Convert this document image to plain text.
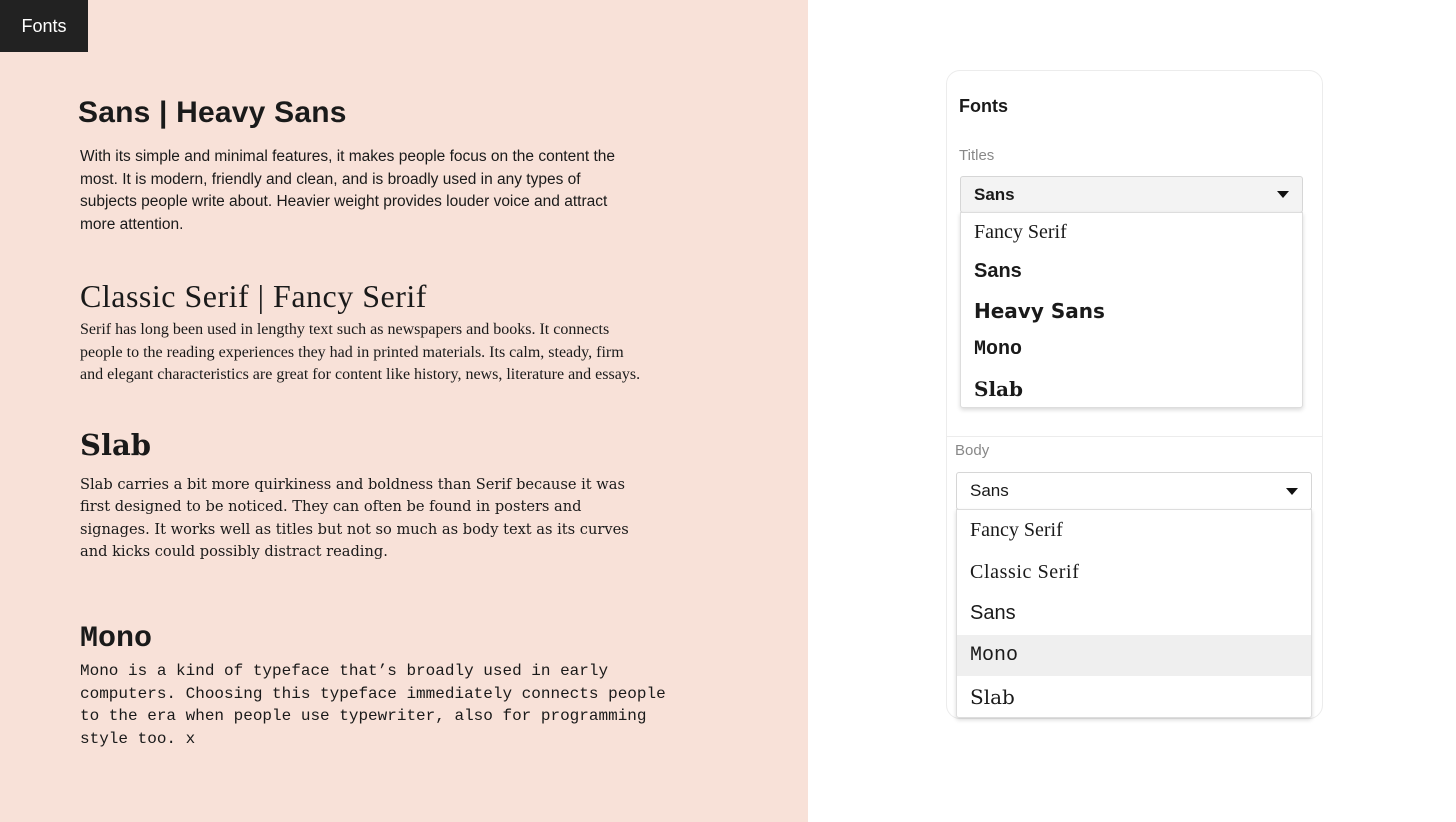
Fonts
Sans | Heavy Sans
With its simple and minimal features, it makes people focus on the content the
most. It is modern, friendly and clean, and is broadly used in any types of
subjects people write about. Heavier weight provides louder voice and attract
more attention.
Classic Serif | Fancy Serif
Serif has long been used in lengthy text such as newspapers and books. It connects
people to the reading experiences they had in printed materials. Its calm, steady, firm
and elegant characteristics are great for content like history, news, literature and essays.
Slab
Slab carries a bit more quirkiness and boldness than Serif because it was
first designed to be noticed. They can often be found in posters and
signages. It works well as titles but not so much as body text as its curves
and kicks could possibly distract reading.
Mono
Mono is a kind of typeface that’s broadly used in early
computers. Choosing this typeface immediately connects people
to the era when people use typewriter, also for programming
style too. x
Fonts
Titles
Sans
Fancy Serif
Sans
Heavy Sans
Mono
Slab
Body
Sans
Fancy Serif
Classic Serif
Sans
Mono
Slab
